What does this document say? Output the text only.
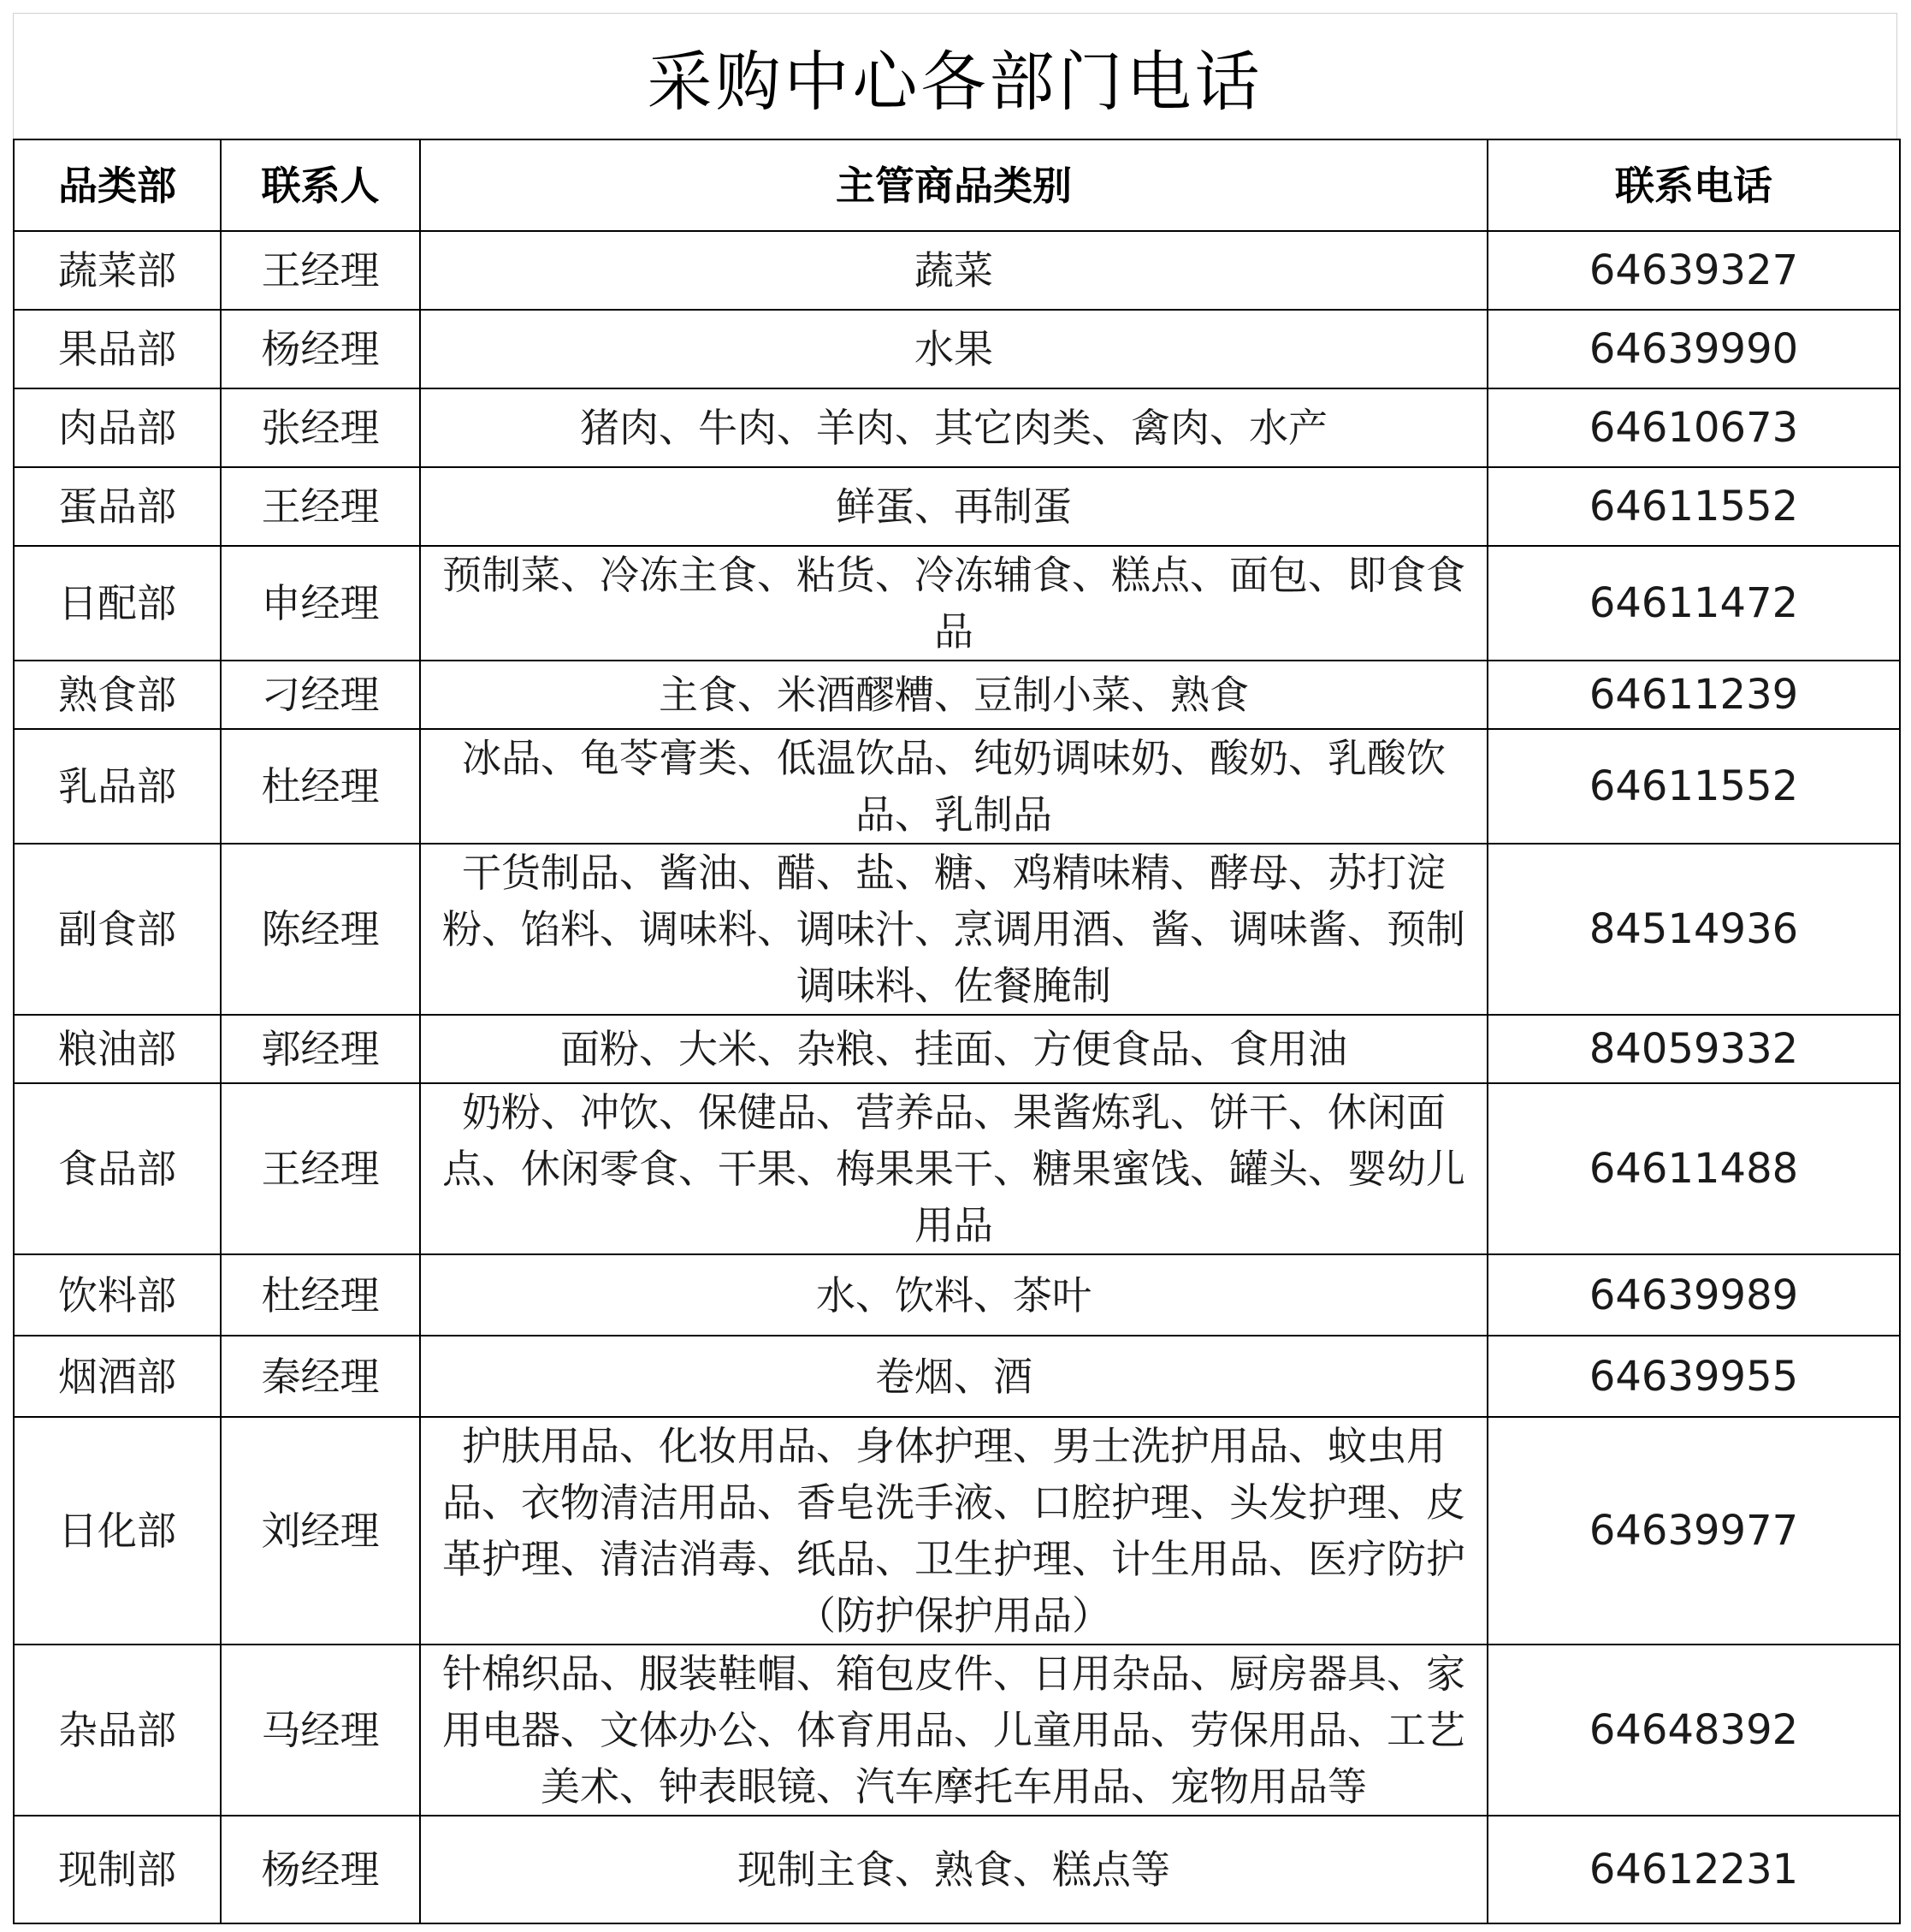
采购中心各部门电话
品类部	联系人	主管商品类别	联系电话
蔬菜部	王经理	蔬菜	64639327
果品部	杨经理	水果	64639990
肉品部	张经理	猪肉、牛肉、羊肉、其它肉类、禽肉、水产	64610673
蛋品部	王经理	鲜蛋、再制蛋	64611552
日配部	申经理	预制菜、冷冻主食、粘货、冷冻辅食、糕点、面包、即食食品	64611472
熟食部	刁经理	主食、米酒醪糟、豆制小菜、熟食	64611239
乳品部	杜经理	冰品、龟苓膏类、低温饮品、纯奶调味奶、酸奶、乳酸饮品、乳制品	64611552
副食部	陈经理	干货制品、酱油、醋、盐、糖、鸡精味精、酵母、苏打淀粉、馅料、调味料、调味汁、烹调用酒、酱、调味酱、预制调味料、佐餐腌制	84514936
粮油部	郭经理	面粉、大米、杂粮、挂面、方便食品、食用油	84059332
食品部	王经理	奶粉、冲饮、保健品、营养品、果酱炼乳、饼干、休闲面点、休闲零食、干果、梅果果干、糖果蜜饯、罐头、婴幼儿用品	64611488
饮料部	杜经理	水、饮料、茶叶	64639989
烟酒部	秦经理	卷烟、酒	64639955
日化部	刘经理	护肤用品、化妆用品、身体护理、男士洗护用品、蚊虫用品、衣物清洁用品、香皂洗手液、口腔护理、头发护理、皮革护理、清洁消毒、纸品、卫生护理、计生用品、医疗防护（防护保护用品）	64639977
杂品部	马经理	针棉织品、服装鞋帽、箱包皮件、日用杂品、厨房器具、家用电器、文体办公、体育用品、儿童用品、劳保用品、工艺美术、钟表眼镜、汽车摩托车用品、宠物用品等	64648392
现制部	杨经理	现制主食、熟食、糕点等	64612231
